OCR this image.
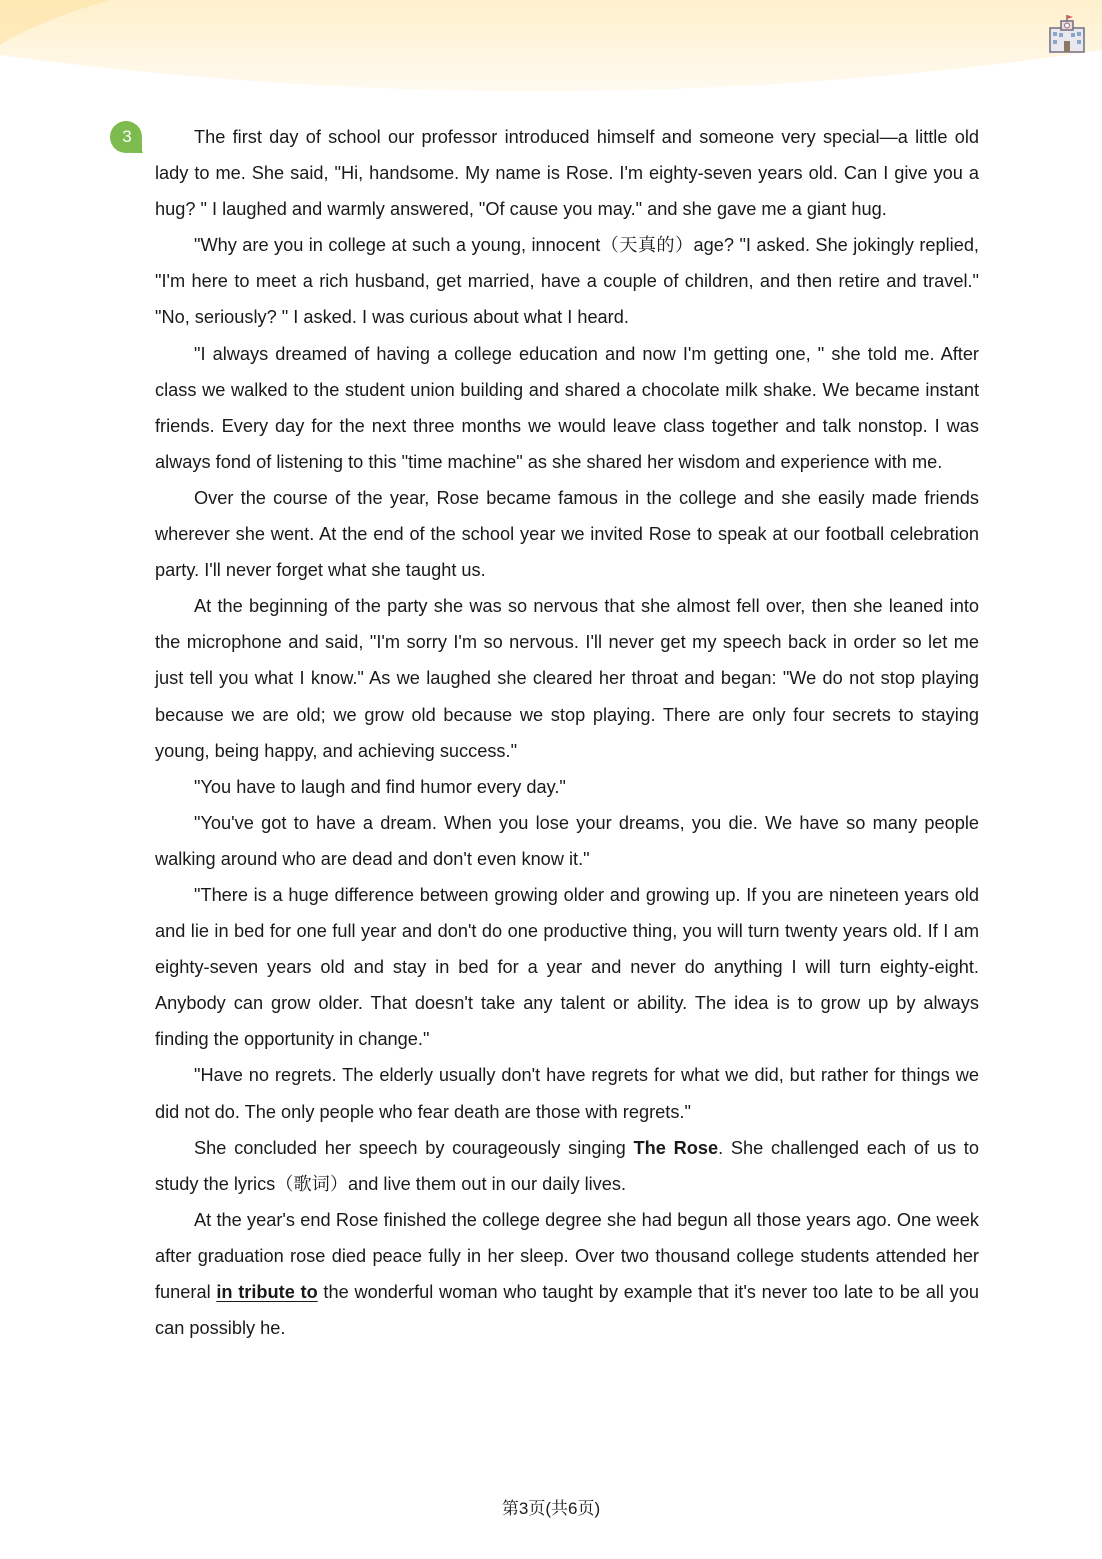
3	The first day of school our professor introduced himself and someone very special—a little old lady to me. She said, "Hi, handsome. My name is Rose. I'm eighty-seven years old. Can I give you a hug? " I laughed and warmly answered, "Of cause you may." and she gave me a giant hug.

"Why are you in college at such a young, innocent（天真的）age? "I asked. She jokingly replied, "I'm here to meet a rich husband, get married, have a couple of children, and then retire and travel." "No, seriously? " I asked. I was curious about what I heard.

"I always dreamed of having a college education and now I'm getting one, " she told me. After class we walked to the student union building and shared a chocolate milk shake. We became instant friends. Every day for the next three months we would leave class together and talk nonstop. I was always fond of listening to this "time machine" as she shared her wisdom and experience with me.

Over the course of the year, Rose became famous in the college and she easily made friends wherever she went. At the end of the school year we invited Rose to speak at our football celebration party. I'll never forget what she taught us.

At the beginning of the party she was so nervous that she almost fell over, then she leaned into the microphone and said, "I'm sorry I'm so nervous. I'll never get my speech back in order so let me just tell you what I know." As we laughed she cleared her throat and began: "We do not stop playing because we are old; we grow old because we stop playing. There are only four secrets to staying young, being happy, and achieving success."

"You have to laugh and find humor every day."

"You've got to have a dream. When you lose your dreams, you die. We have so many people walking around who are dead and don't even know it."

"There is a huge difference between growing older and growing up. If you are nineteen years old and lie in bed for one full year and don't do one productive thing, you will turn twenty years old. If I am eighty-seven years old and stay in bed for a year and never do anything I will turn eighty-eight. Anybody can grow older. That doesn't take any talent or ability. The idea is to grow up by always finding the opportunity in change."

"Have no regrets. The elderly usually don't have regrets for what we did, but rather for things we did not do. The only people who fear death are those with regrets."

She concluded her speech by courageously singing The Rose. She challenged each of us to study the lyrics（歌词）and live them out in our daily lives.

At the year's end Rose finished the college degree she had begun all those years ago. One week after graduation rose died peace fully in her sleep. Over two thousand college students attended her funeral in tribute to the wonderful woman who taught by example that it's never too late to be all you can possibly he.

第3页(共6页)
